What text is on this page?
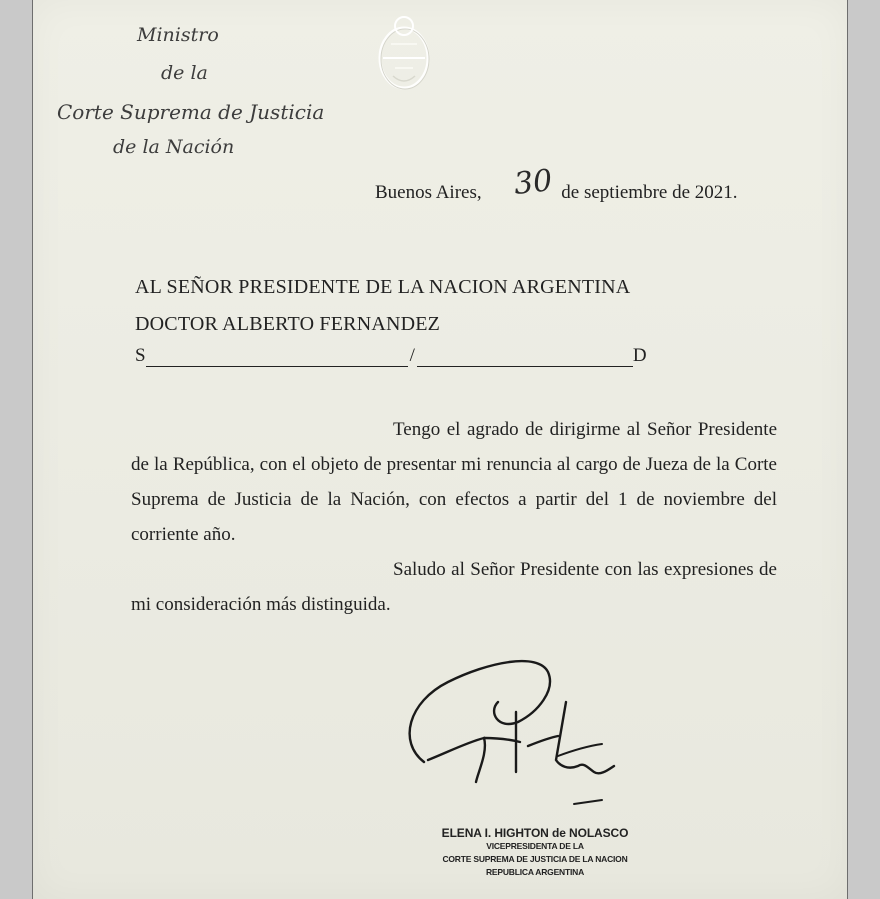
Ministro
de la
Corte Suprema de Justicia
de la Nación
Buenos Aires, 30 de septiembre de 2021.
AL SEÑOR PRESIDENTE DE LA NACION ARGENTINA
DOCTOR ALBERTO FERNANDEZ
S	/	D

Tengo el agrado de dirigirme al Señor Presidente de la República, con el objeto de presentar mi renuncia al cargo de Jueza de la Corte Suprema de Justicia de la Nación, con efectos a partir del 1 de noviembre del corriente año.

Saludo al Señor Presidente con las expresiones de mi consideración más distinguida.

ELENA I. HIGHTON de NOLASCO
VICEPRESIDENTA DE LA
CORTE SUPREMA DE JUSTICIA DE LA NACION
REPUBLICA ARGENTINA
